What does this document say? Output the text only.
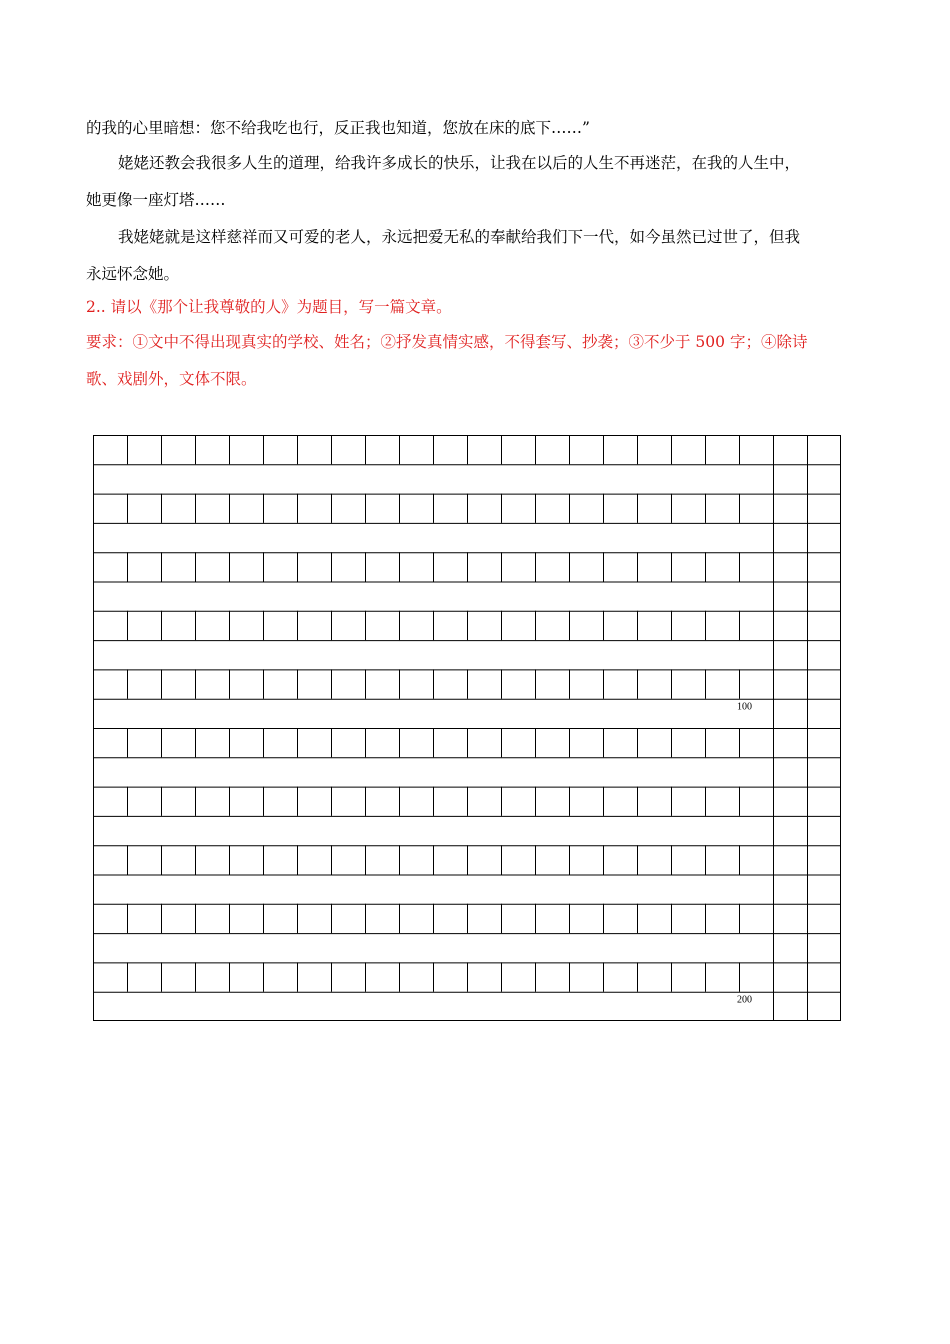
的我的心里暗想：您不给我吃也行，反正我也知道，您放在床的底下……”
姥姥还教会我很多人生的道理，给我许多成长的快乐，让我在以后的人生不再迷茫，在我的人生中，
她更像一座灯塔……
我姥姥就是这样慈祥而又可爱的老人，永远把爱无私的奉献给我们下一代，如今虽然已过世了，但我
永远怀念她。
2.. 请以《那个让我尊敬的人》为题目，写一篇文章。
要求：①文中不得出现真实的学校、姓名；②抒发真情实感，不得套写、抄袭；③不少于 500 字；④除诗
歌、戏剧外，文体不限。
100
200
